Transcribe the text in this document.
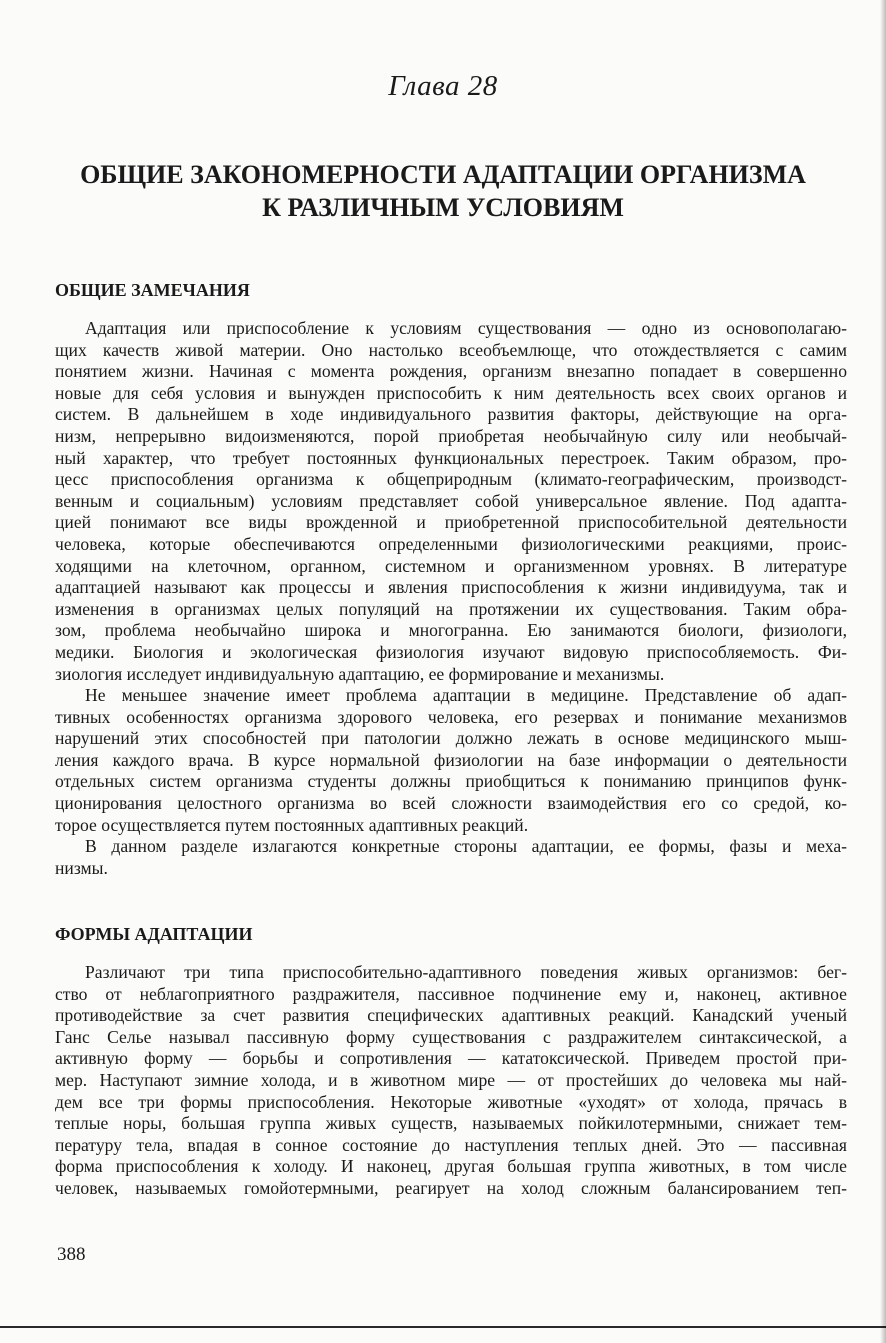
Глава 28
ОБЩИЕ ЗАКОНОМЕРНОСТИ АДАПТАЦИИ ОРГАНИЗМА
К РАЗЛИЧНЫМ УСЛОВИЯМ
ОБЩИЕ ЗАМЕЧАНИЯ
Адаптация или приспособление к условиям существования — одно из основополагаю-
щих качеств живой материи. Оно настолько всеобъемлюще, что отождествляется с самим
понятием жизни. Начиная с момента рождения, организм внезапно попадает в совершенно
новые для себя условия и вынужден приспособить к ним деятельность всех своих органов и
систем. В дальнейшем в ходе индивидуального развития факторы, действующие на орга-
низм, непрерывно видоизменяются, порой приобретая необычайную силу или необычай-
ный характер, что требует постоянных функциональных перестроек. Таким образом, про-
цесс приспособления организма к общеприродным (климато-географическим, производст-
венным и социальным) условиям представляет собой универсальное явление. Под адапта-
цией понимают все виды врожденной и приобретенной приспособительной деятельности
человека, которые обеспечиваются определенными физиологическими реакциями, проис-
ходящими на клеточном, органном, системном и организменном уровнях. В литературе
адаптацией называют как процессы и явления приспособления к жизни индивидуума, так и
изменения в организмах целых популяций на протяжении их существования. Таким обра-
зом, проблема необычайно широка и многогранна. Ею занимаются биологи, физиологи,
медики. Биология и экологическая физиология изучают видовую приспособляемость. Фи-
зиология исследует индивидуальную адаптацию, ее формирование и механизмы.
Не меньшее значение имеет проблема адаптации в медицине. Представление об адап-
тивных особенностях организма здорового человека, его резервах и понимание механизмов
нарушений этих способностей при патологии должно лежать в основе медицинского мыш-
ления каждого врача. В курсе нормальной физиологии на базе информации о деятельности
отдельных систем организма студенты должны приобщиться к пониманию принципов функ-
ционирования целостного организма во всей сложности взаимодействия его со средой, ко-
торое осуществляется путем постоянных адаптивных реакций.
В данном разделе излагаются конкретные стороны адаптации, ее формы, фазы и меха-
низмы.
ФОРМЫ АДАПТАЦИИ
Различают три типа приспособительно-адаптивного поведения живых организмов: бег-
ство от неблагоприятного раздражителя, пассивное подчинение ему и, наконец, активное
противодействие за счет развития специфических адаптивных реакций. Канадский ученый
Ганс Селье называл пассивную форму существования с раздражителем синтаксической, а
активную форму — борьбы и сопротивления — кататоксической. Приведем простой при-
мер. Наступают зимние холода, и в животном мире — от простейших до человека мы най-
дем все три формы приспособления. Некоторые животные «уходят» от холода, прячась в
теплые норы, большая группа живых существ, называемых пойкилотермными, снижает тем-
пературу тела, впадая в сонное состояние до наступления теплых дней. Это — пассивная
форма приспособления к холоду. И наконец, другая большая группа животных, в том числе
человек, называемых гомойотермными, реагирует на холод сложным балансированием теп-
388
